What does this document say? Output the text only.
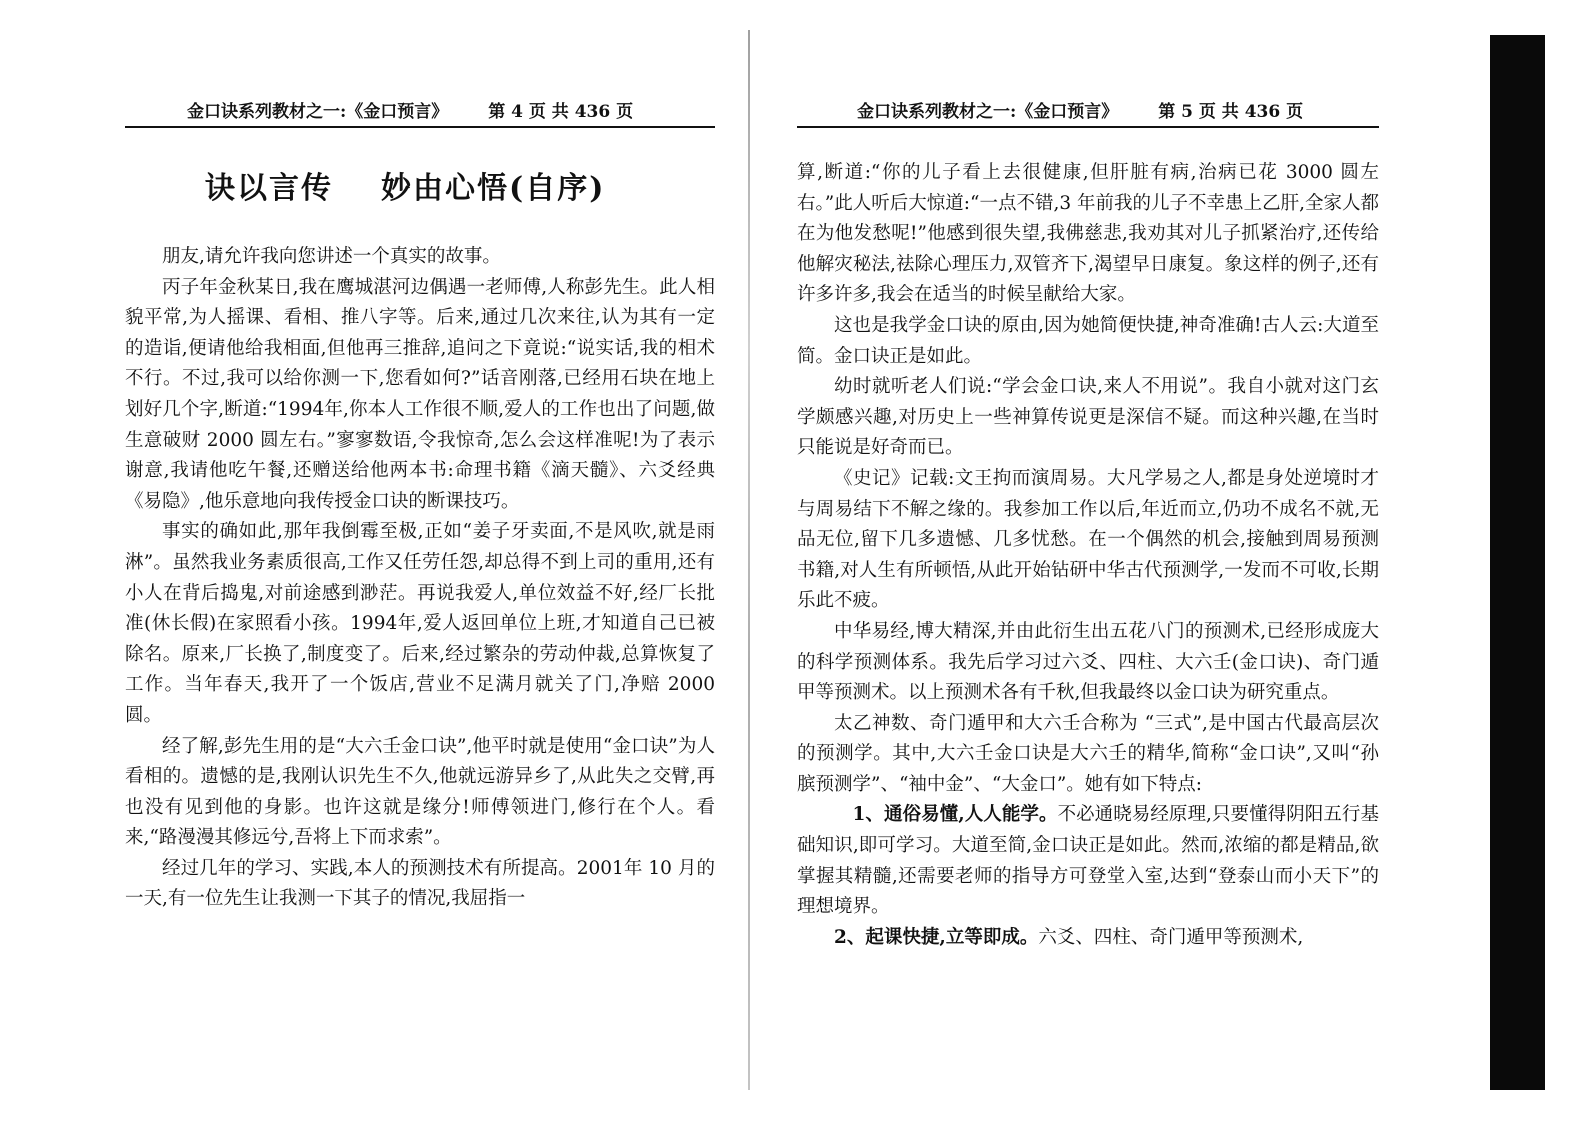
金口诀系列教材之一:《金口预言》 第 4 页 共 436 页
诀以言传 妙由心悟(自序)

朋友,请允许我向您讲述一个真实的故事。

丙子年金秋某日,我在鹰城湛河边偶遇一老师傅,人称彭先生。此人相貌平常,为人摇课、看相、推八字等。后来,通过几次来往,认为其有一定的造诣,便请他给我相面,但他再三推辞,追问之下竟说:“说实话,我的相术不行。不过,我可以给你测一下,您看如何?”话音刚落,已经用石块在地上划好几个字,断道:“1994年,你本人工作很不顺,爱人的工作也出了问题,做生意破财 2000 圆左右。”寥寥数语,令我惊奇,怎么会这样准呢!为了表示谢意,我请他吃午餐,还赠送给他两本书:命理书籍《滴天髓》、六爻经典《易隐》,他乐意地向我传授金口诀的断课技巧。

事实的确如此,那年我倒霉至极,正如“姜子牙卖面,不是风吹,就是雨淋”。虽然我业务素质很高,工作又任劳任怨,却总得不到上司的重用,还有小人在背后捣鬼,对前途感到渺茫。再说我爱人,单位效益不好,经厂长批准(休长假)在家照看小孩。1994年,爱人返回单位上班,才知道自己已被除名。原来,厂长换了,制度变了。后来,经过繁杂的劳动仲裁,总算恢复了工作。当年春天,我开了一个饭店,营业不足满月就关了门,净赔 2000 圆。

经了解,彭先生用的是“大六壬金口诀”,他平时就是使用“金口诀”为人看相的。遗憾的是,我刚认识先生不久,他就远游异乡了,从此失之交臂,再也没有见到他的身影。也许这就是缘分!师傅领进门,修行在个人。看来,“路漫漫其修远兮,吾将上下而求索”。

经过几年的学习、实践,本人的预测技术有所提高。2001年 10 月的一天,有一位先生让我测一下其子的情况,我屈指一

金口诀系列教材之一:《金口预言》 第 5 页 共 436 页

算,断道:“你的儿子看上去很健康,但肝脏有病,治病已花 3000 圆左右。”此人听后大惊道:“一点不错,3 年前我的儿子不幸患上乙肝,全家人都在为他发愁呢!”他感到很失望,我佛慈悲,我劝其对儿子抓紧治疗,还传给他解灾秘法,祛除心理压力,双管齐下,渴望早日康复。象这样的例子,还有许多许多,我会在适当的时候呈献给大家。

这也是我学金口诀的原由,因为她简便快捷,神奇准确!古人云:大道至简。金口诀正是如此。

幼时就听老人们说:“学会金口诀,来人不用说”。我自小就对这门玄学颇感兴趣,对历史上一些神算传说更是深信不疑。而这种兴趣,在当时只能说是好奇而已。

《史记》记载:文王拘而演周易。大凡学易之人,都是身处逆境时才与周易结下不解之缘的。我参加工作以后,年近而立,仍功不成名不就,无品无位,留下几多遗憾、几多忧愁。在一个偶然的机会,接触到周易预测书籍,对人生有所顿悟,从此开始钻研中华古代预测学,一发而不可收,长期乐此不疲。

中华易经,博大精深,并由此衍生出五花八门的预测术,已经形成庞大的科学预测体系。我先后学习过六爻、四柱、大六壬(金口诀)、奇门遁甲等预测术。以上预测术各有千秋,但我最终以金口诀为研究重点。

太乙神数、奇门遁甲和大六壬合称为 “三式”,是中国古代最高层次的预测学。其中,大六壬金口诀是大六壬的精华,简称“金口诀”,又叫“孙膑预测学”、“袖中金”、“大金口”。她有如下特点:

1、通俗易懂,人人能学。不必通晓易经原理,只要懂得阴阳五行基础知识,即可学习。大道至简,金口诀正是如此。然而,浓缩的都是精品,欲掌握其精髓,还需要老师的指导方可登堂入室,达到“登泰山而小天下”的理想境界。

2、起课快捷,立等即成。六爻、四柱、奇门遁甲等预测术,
